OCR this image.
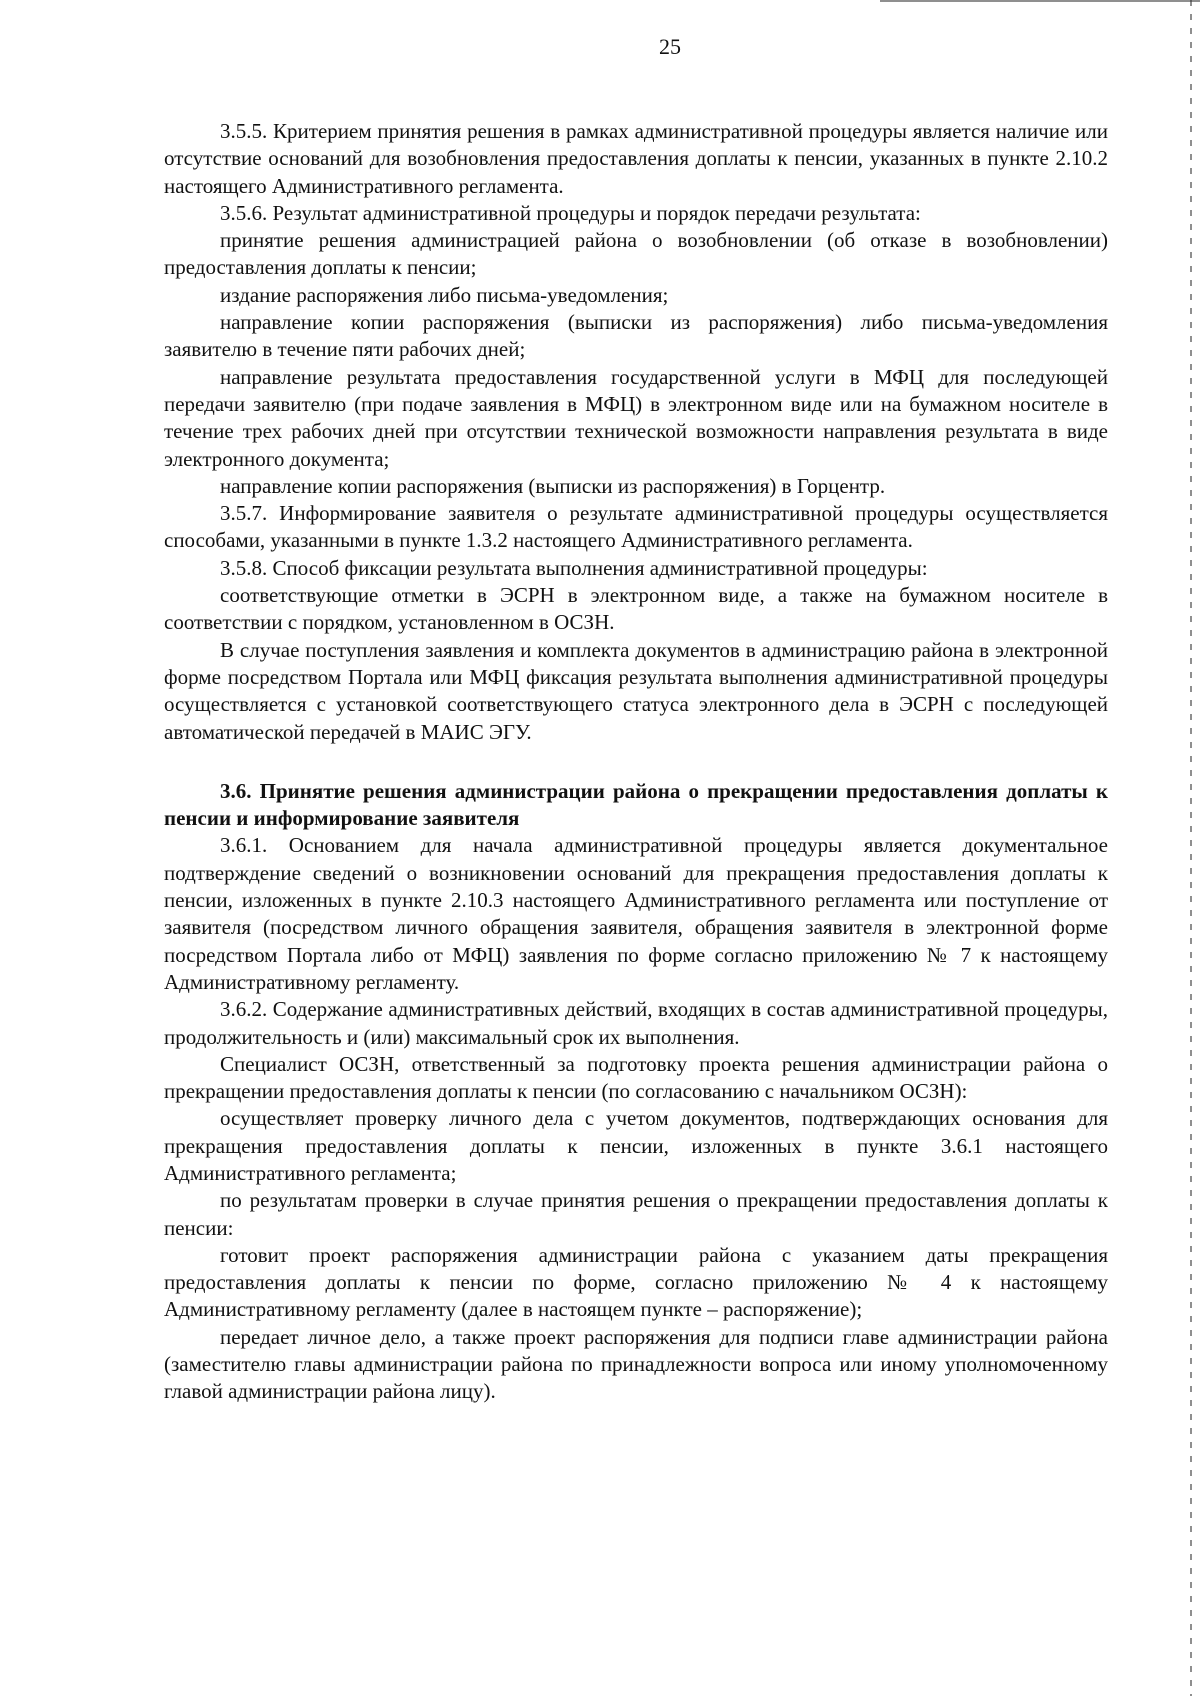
25

3.5.5. Критерием принятия решения в рамках административной процедуры является наличие или отсутствие оснований для возобновления предоставления доплаты к пенсии, указанных в пункте 2.10.2 настоящего Административного регламента.

3.5.6. Результат административной процедуры и порядок передачи результата:

принятие решения администрацией района о возобновлении (об отказе в возобновлении) предоставления доплаты к пенсии;

издание распоряжения либо письма-уведомления;

направление копии распоряжения (выписки из распоряжения) либо письма-уведомления заявителю в течение пяти рабочих дней;

направление результата предоставления государственной услуги в МФЦ для последующей передачи заявителю (при подаче заявления в МФЦ) в электронном виде или на бумажном носителе в течение трех рабочих дней при отсутствии технической возможности направления результата в виде электронного документа;

направление копии распоряжения (выписки из распоряжения) в Горцентр.

3.5.7. Информирование заявителя о результате административной процедуры осуществляется способами, указанными в пункте 1.3.2 настоящего Административного регламента.

3.5.8. Способ фиксации результата выполнения административной процедуры:

соответствующие отметки в ЭСРН в электронном виде, а также на бумажном носителе в соответствии с порядком, установленном в ОСЗН.

В случае поступления заявления и комплекта документов в администрацию района в электронной форме посредством Портала или МФЦ фиксация результата выполнения административной процедуры осуществляется с установкой соответствующего статуса электронного дела в ЭСРН с последующей автоматической передачей в МАИС ЭГУ.

3.6. Принятие решения администрации района о прекращении предоставления доплаты к пенсии и информирование заявителя

3.6.1. Основанием для начала административной процедуры является документальное подтверждение сведений о возникновении оснований для прекращения предоставления доплаты к пенсии, изложенных в пункте 2.10.3 настоящего Административного регламента или поступление от заявителя (посредством личного обращения заявителя, обращения заявителя в электронной форме посредством Портала либо от МФЦ) заявления по форме согласно приложению № 7 к настоящему Административному регламенту.

3.6.2. Содержание административных действий, входящих в состав административной процедуры, продолжительность и (или) максимальный срок их выполнения.

Специалист ОСЗН, ответственный за подготовку проекта решения администрации района о прекращении предоставления доплаты к пенсии (по согласованию с начальником ОСЗН):

осуществляет проверку личного дела с учетом документов, подтверждающих основания для прекращения предоставления доплаты к пенсии, изложенных в пункте 3.6.1 настоящего Административного регламента;

по результатам проверки в случае принятия решения о прекращении предоставления доплаты к пенсии:

готовит проект распоряжения администрации района с указанием даты прекращения предоставления доплаты к пенсии по форме, согласно приложению № 4 к настоящему Административному регламенту (далее в настоящем пункте – распоряжение);

передает личное дело, а также проект распоряжения для подписи главе администрации района (заместителю главы администрации района по принадлежности вопроса или иному уполномоченному главой администрации района лицу).
